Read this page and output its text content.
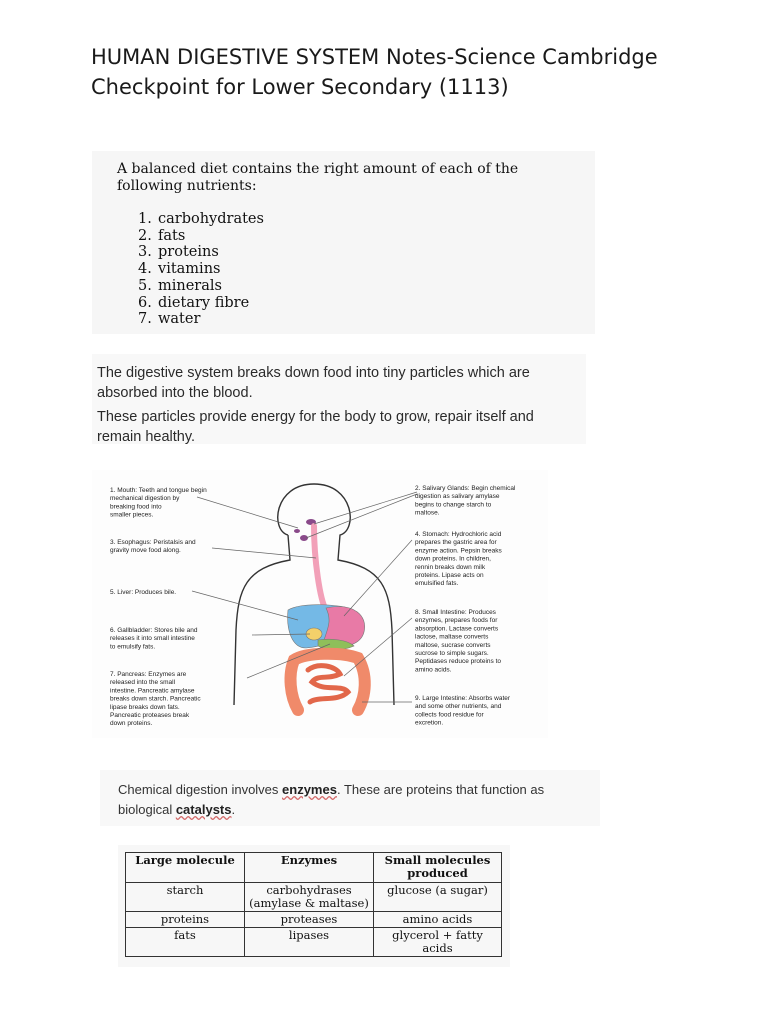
HUMAN DIGESTIVE SYSTEM Notes-Science Cambridge Checkpoint for Lower Secondary (1113)
A balanced diet contains the right amount of each of the following nutrients:
1. carbohydrates
2. fats
3. proteins
4. vitamins
5. minerals
6. dietary fibre
7. water
The digestive system breaks down food into tiny particles which are absorbed into the blood.
These particles provide energy for the body to grow, repair itself and remain healthy.
1. Mouth: Teeth and tongue begin
mechanical digestion by
breaking food into
smaller pieces.
3. Esophagus: Peristalsis and
gravity move food along.
5. Liver: Produces bile.
6. Gallbladder: Stores bile and
releases it into small intestine
to emulsify fats.
7. Pancreas: Enzymes are
released into the small
intestine. Pancreatic amylase
breaks down starch. Pancreatic
lipase breaks down fats.
Pancreatic proteases break
down proteins.
2. Salivary Glands: Begin chemical
digestion as salivary amylase
begins to change starch to
maltose.
4. Stomach: Hydrochloric acid
prepares the gastric area for
enzyme action. Pepsin breaks
down proteins. In children,
rennin breaks down milk
proteins. Lipase acts on
emulsified fats.
8. Small Intestine: Produces
enzymes, prepares foods for
absorption. Lactase converts
lactose, maltase converts
maltose, sucrase converts
sucrose to simple sugars.
Peptidases reduce proteins to
amino acids.
9. Large Intestine: Absorbs water
and some other nutrients, and
collects food residue for
excretion.
Chemical digestion involves enzymes. These are proteins that function as biological catalysts.
Large molecule	Enzymes	Small molecules produced
starch	carbohydrases (amylase & maltase)	glucose (a sugar)
proteins	proteases	amino acids
fats	lipases	glycerol + fatty acids
